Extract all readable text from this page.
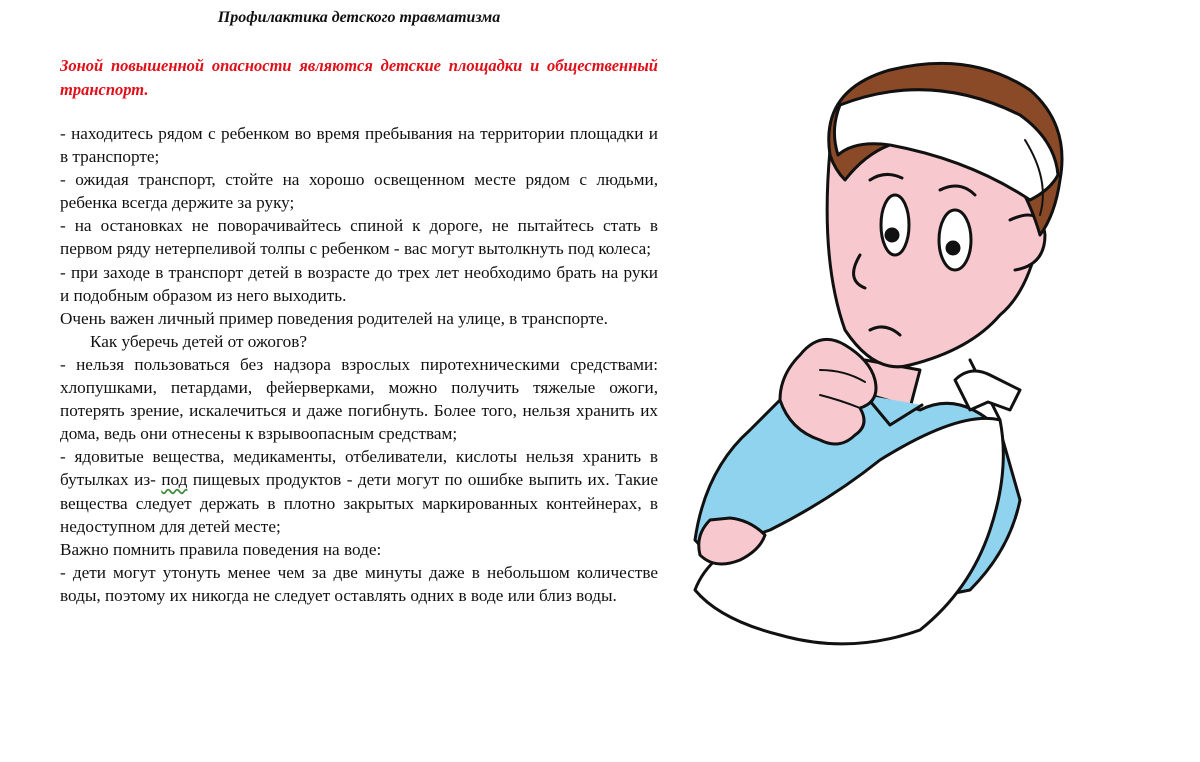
Профилактика детского травматизма
Зоной повышенной опасности являются детские площадки и общественный транспорт.

- находитесь рядом с ребенком во время пребывания на территории площадки и в транспорте;

- ожидая транспорт, стойте на хорошо освещенном месте рядом с людьми, ребенка всегда держите за руку;

- на остановках не поворачивайтесь спиной к дороге, не пытайтесь стать в первом ряду нетерпеливой толпы с ребенком - вас могут вытолкнуть под колеса;

- при заходе в транспорт детей в возрасте до трех лет необходимо брать на руки и подобным образом из него выходить.

Очень важен личный пример поведения родителей на улице, в транспорте.

Как уберечь детей от ожогов?

- нельзя пользоваться без надзора взрослых пиротехническими средствами: хлопушками, петардами, фейерверками, можно получить тяжелые ожоги, потерять зрение, искалечиться и даже погибнуть. Более того, нельзя хранить их дома, ведь они отнесены к взрывоопасным средствам;

- ядовитые вещества, медикаменты, отбеливатели, кислоты нельзя хранить в бутылках из- под пищевых продуктов - дети могут по ошибке выпить их. Такие вещества следует держать в плотно закрытых маркированных контейнерах, в недоступном для детей месте;

Важно помнить правила поведения на воде:

- дети могут утонуть менее чем за две минуты даже в небольшом количестве воды, поэтому их никогда не следует оставлять одних в воде или близ воды.
